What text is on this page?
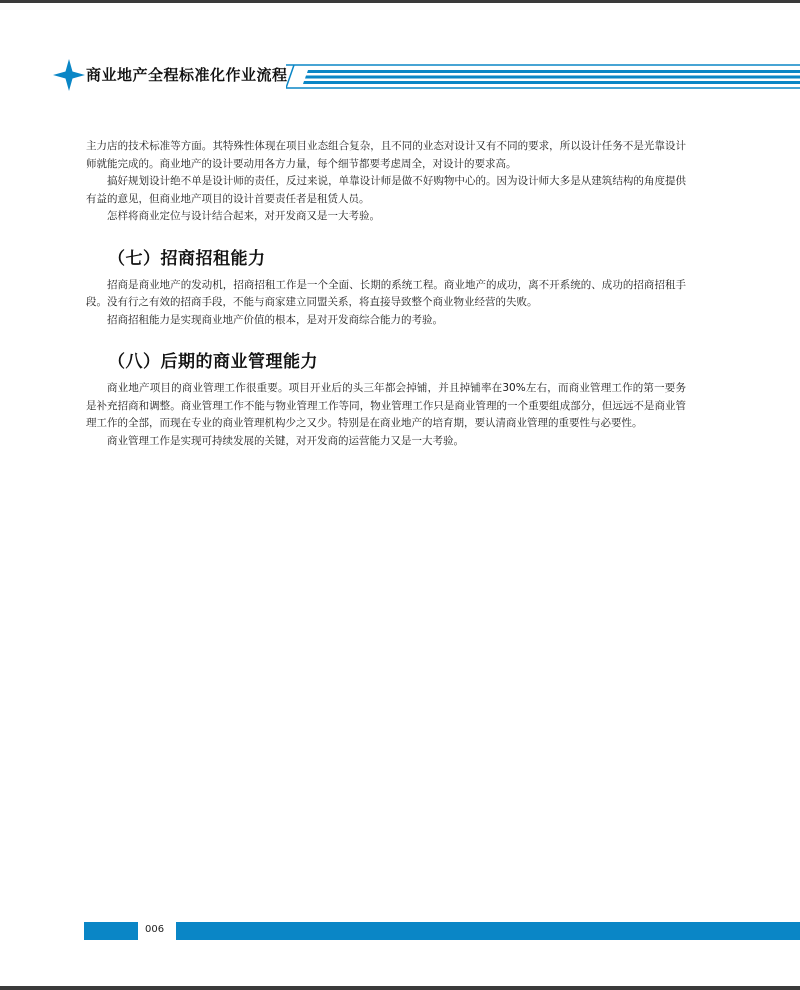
商业地产全程标准化作业流程

主力店的技术标准等方面。其特殊性体现在项目业态组合复杂，且不同的业态对设计又有不同的要求，所以设计任务不是光靠设计师就能完成的。商业地产的设计要动用各方力量，每个细节都要考虑周全，对设计的要求高。

搞好规划设计绝不单是设计师的责任，反过来说，单靠设计师是做不好购物中心的。因为设计师大多是从建筑结构的角度提供有益的意见，但商业地产项目的设计首要责任者是租赁人员。

怎样将商业定位与设计结合起来，对开发商又是一大考验。

（七）招商招租能力

招商是商业地产的发动机，招商招租工作是一个全面、长期的系统工程。商业地产的成功，离不开系统的、成功的招商招租手段。没有行之有效的招商手段，不能与商家建立同盟关系，将直接导致整个商业物业经营的失败。

招商招租能力是实现商业地产价值的根本，是对开发商综合能力的考验。

（八）后期的商业管理能力

商业地产项目的商业管理工作很重要。项目开业后的头三年都会掉铺，并且掉铺率在30%左右，而商业管理工作的第一要务是补充招商和调整。商业管理工作不能与物业管理工作等同，物业管理工作只是商业管理的一个重要组成部分，但远远不是商业管理工作的全部，而现在专业的商业管理机构少之又少。特别是在商业地产的培育期，要认清商业管理的重要性与必要性。

商业管理工作是实现可持续发展的关键，对开发商的运营能力又是一大考验。

006
